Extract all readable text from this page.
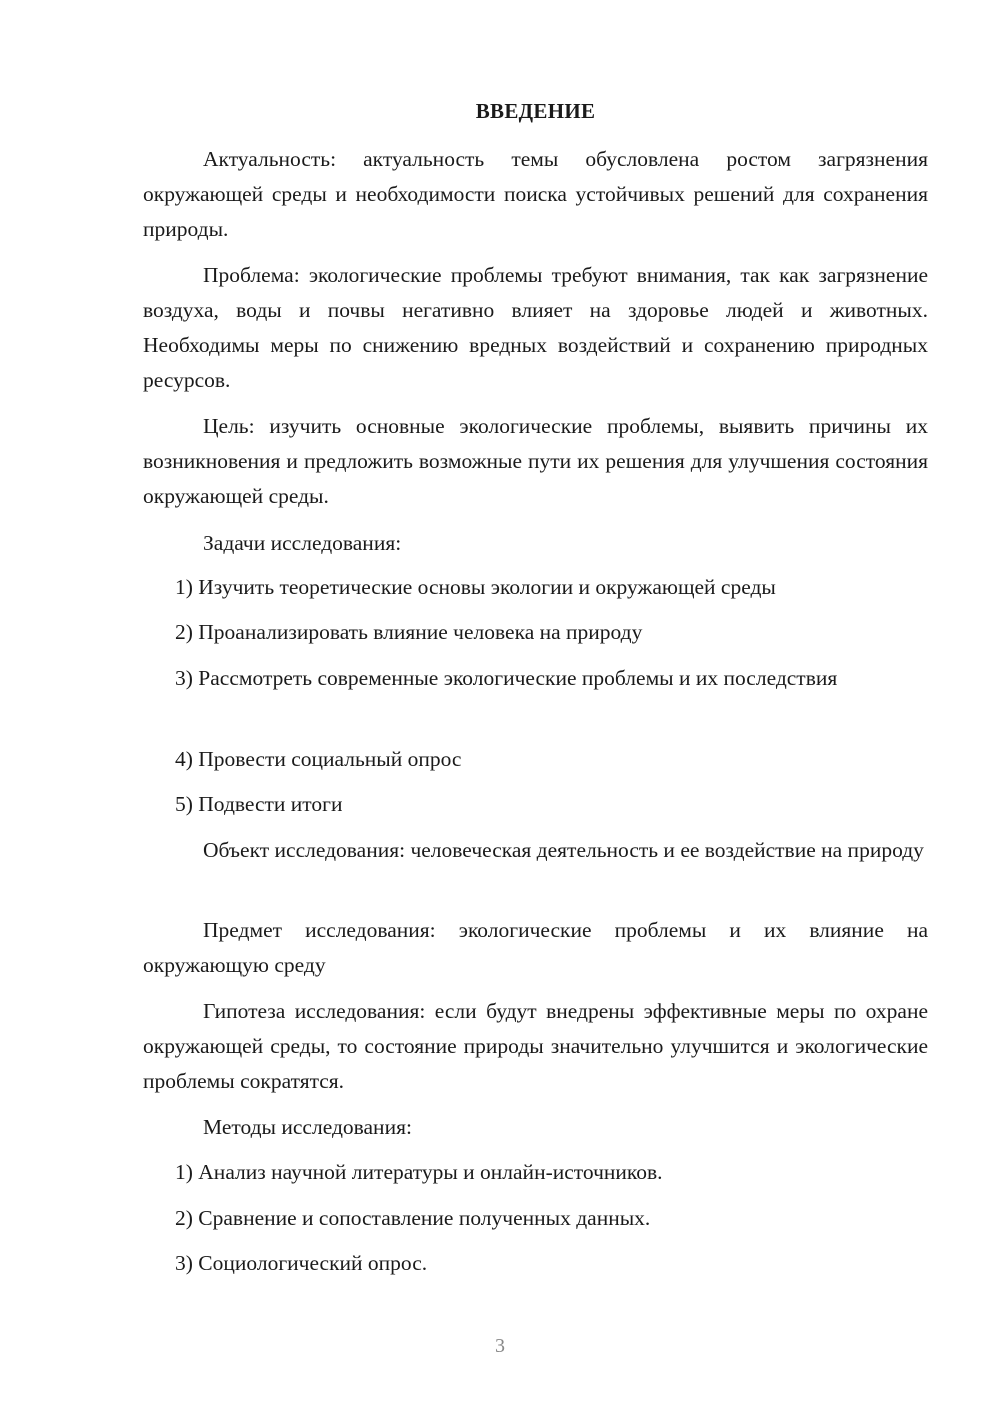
ВВЕДЕНИЕ

Актуальность: актуальность темы обусловлена ростом загрязнения окружающей среды и необходимости поиска устойчивых решений для сохранения природы.

Проблема: экологические проблемы требуют внимания, так как загрязнение воздуха, воды и почвы негативно влияет на здоровье людей и животных. Необходимы меры по снижению вредных воздействий и сохранению природных ресурсов.

Цель: изучить основные экологические проблемы, выявить причины их возникновения и предложить возможные пути их решения для улучшения состояния окружающей среды.

Задачи исследования:

1) Изучить теоретические основы экологии и окружающей среды

2) Проанализировать влияние человека на природу

3) Рассмотреть современные экологические проблемы и их последствия

4) Провести социальный опрос

5) Подвести итоги

Объект исследования: человеческая деятельность и ее воздействие на природу

Предмет исследования: экологические проблемы и их влияние на окружающую среду

Гипотеза исследования: если будут внедрены эффективные меры по охране окружающей среды, то состояние природы значительно улучшится и экологические проблемы сократятся.

Методы исследования:

1) Анализ научной литературы и онлайн-источников.

2) Сравнение и сопоставление полученных данных.

3) Социологический опрос.

3
